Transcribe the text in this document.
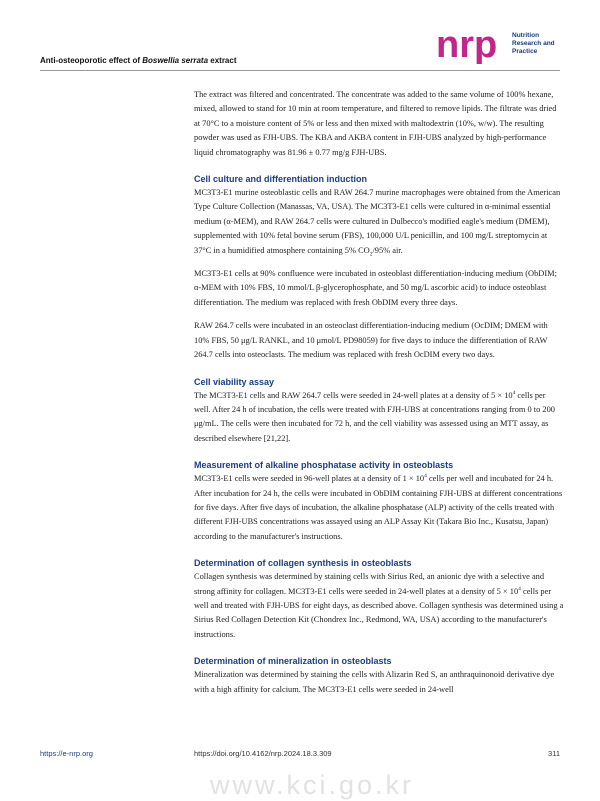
Anti-osteoporotic effect of Boswellia serrata extract	nrp Nutrition
Research and
Practice

The extract was filtered and concentrated. The concentrate was added to the same volume of 100% hexane, mixed, allowed to stand for 10 min at room temperature, and filtered to remove lipids. The filtrate was dried at 70°C to a moisture content of 5% or less and then mixed with maltodextrin (10%, w/w). The resulting powder was used as FJH-UBS. The KBA and AKBA content in FJH-UBS analyzed by high-performance liquid chromatography was 81.96 ± 0.77 mg/g FJH-UBS.

Cell culture and differentiation induction

MC3T3-E1 murine osteoblastic cells and RAW 264.7 murine macrophages were obtained from the American Type Culture Collection (Manassas, VA, USA). The MC3T3-E1 cells were cultured in α-minimal essential medium (α-MEM), and RAW 264.7 cells were cultured in Dulbecco's modified eagle's medium (DMEM), supplemented with 10% fetal bovine serum (FBS), 100,000 U/L penicillin, and 100 mg/L streptomycin at 37°C in a humidified atmosphere containing 5% $CO_2/95\%$ air.

MC3T3-E1 cells at 90% confluence were incubated in osteoblast differentiation-inducing medium (ObDIM; α-MEM with 10% FBS, 10 mmol/L β-glycerophosphate, and 50 mg/L ascorbic acid) to induce osteoblast differentiation. The medium was replaced with fresh ObDIM every three days.

RAW 264.7 cells were incubated in an osteoclast differentiation-inducing medium (OcDIM; DMEM with 10% FBS, 50 μg/L RANKL, and 10 μmol/L PD98059) for five days to induce the differentiation of RAW 264.7 cells into osteoclasts. The medium was replaced with fresh OcDIM every two days.

Cell viability assay

The MC3T3-E1 cells and RAW 264.7 cells were seeded in 24-well plates at a density of $5 \times 10^4$ cells per well. After 24 h of incubation, the cells were treated with FJH-UBS at concentrations ranging from 0 to 200 μg/mL. The cells were then incubated for 72 h, and the cell viability was assessed using an MTT assay, as described elsewhere [21,22].

Measurement of alkaline phosphatase activity in osteoblasts

MC3T3-E1 cells were seeded in 96-well plates at a density of $1 \times 10^4$ cells per well and incubated for 24 h. After incubation for 24 h, the cells were incubated in ObDIM containing FJH-UBS at different concentrations for five days. After five days of incubation, the alkaline phosphatase (ALP) activity of the cells treated with different FJH-UBS concentrations was assayed using an ALP Assay Kit (Takara Bio Inc., Kusatsu, Japan) according to the manufacturer's instructions.

Determination of collagen synthesis in osteoblasts

Collagen synthesis was determined by staining cells with Sirius Red, an anionic dye with a selective and strong affinity for collagen. MC3T3-E1 cells were seeded in 24-well plates at a density of $5 \times 10^4$ cells per well and treated with FJH-UBS for eight days, as described above. Collagen synthesis was determined using a Sirius Red Collagen Detection Kit (Chondrex Inc., Redmond, WA, USA) according to the manufacturer's instructions.

Determination of mineralization in osteoblasts

Mineralization was determined by staining the cells with Alizarin Red S, an anthraquinonoid derivative dye with a high affinity for calcium. The MC3T3-E1 cells were seeded in 24-well

www.kci.go.kr
https://e-nrp.org	https://doi.org/10.4162/nrp.2024.18.3.309	311
